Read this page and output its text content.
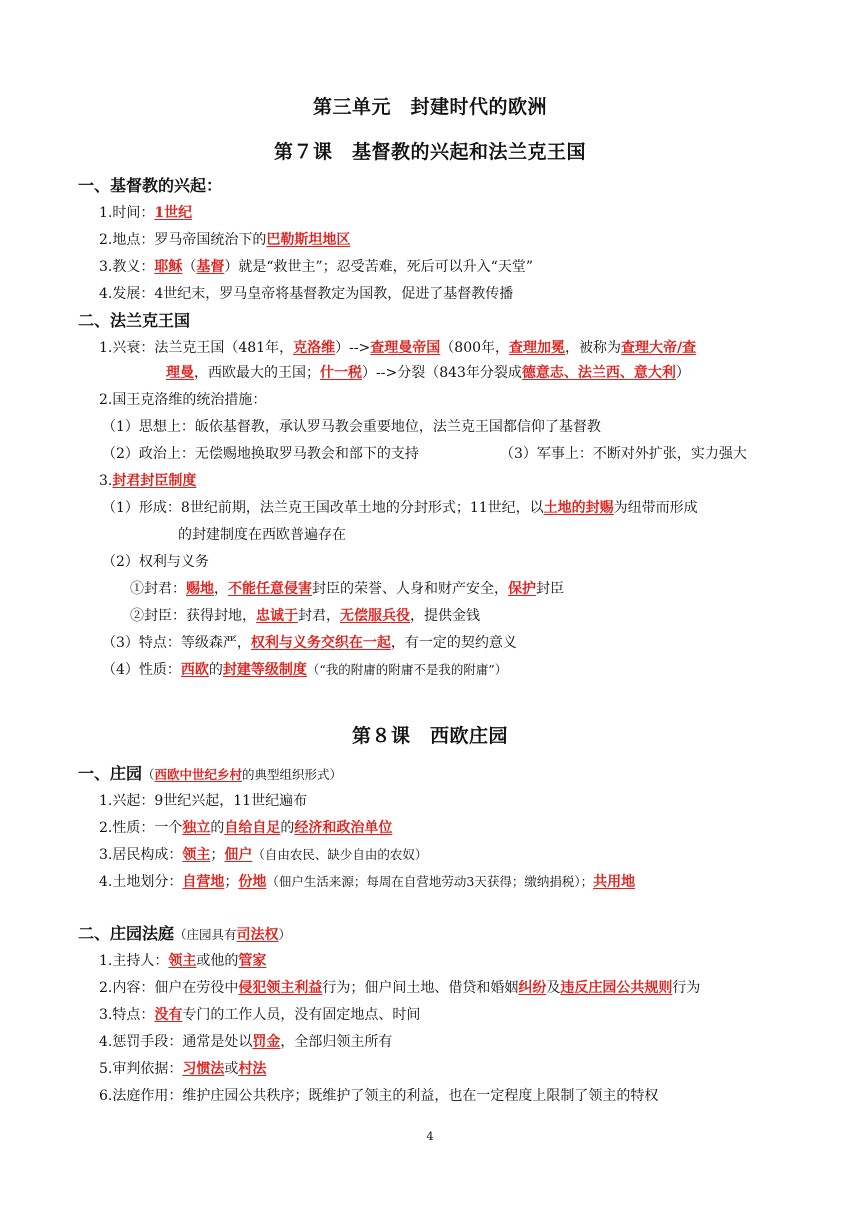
第三单元　封建时代的欧洲
第７课　基督教的兴起和法兰克王国
一、基督教的兴起：
1.时间：1世纪
2.地点：罗马帝国统治下的巴勒斯坦地区
3.教义：耶稣（基督）就是“救世主”；忍受苦难，死后可以升入“天堂”
4.发展：4世纪末，罗马皇帝将基督教定为国教，促进了基督教传播
二、法兰克王国
1.兴衰：法兰克王国（481年，克洛维）-->查理曼帝国（800年，查理加冕，被称为查理大帝/查
理曼，西欧最大的王国；什一税）-->分裂（843年分裂成德意志、法兰西、意大利）
2.国王克洛维的统治措施：
（1）思想上：皈依基督教，承认罗马教会重要地位，法兰克王国都信仰了基督教
（2）政治上：无偿赐地换取罗马教会和部下的支持	（3）军事上：不断对外扩张，实力强大
3.封君封臣制度
（1）形成：8世纪前期，法兰克王国改革土地的分封形式；11世纪，以土地的封赐为纽带而形成
的封建制度在西欧普遍存在
（2）权利与义务
①封君：赐地，不能任意侵害封臣的荣誉、人身和财产安全，保护封臣
②封臣：获得封地，忠诚于封君，无偿服兵役，提供金钱
（3）特点：等级森严，权利与义务交织在一起，有一定的契约意义
（4）性质：西欧的封建等级制度（“我的附庸的附庸不是我的附庸”）
第８课　西欧庄园
一、庄园（西欧中世纪乡村的典型组织形式）
1.兴起：9世纪兴起，11世纪遍布
2.性质：一个独立的自给自足的经济和政治单位
3.居民构成：领主；佃户（自由农民、缺少自由的农奴）
4.土地划分：自营地；份地（佃户生活来源；每周在自营地劳动3天获得；缴纳捐税）；共用地
二、庄园法庭（庄园具有司法权）
1.主持人：领主或他的管家
2.内容：佃户在劳役中侵犯领主利益行为；佃户间土地、借贷和婚姻纠纷及违反庄园公共规则行为
3.特点：没有专门的工作人员，没有固定地点、时间
4.惩罚手段：通常是处以罚金，全部归领主所有
5.审判依据：习惯法或村法
6.法庭作用：维护庄园公共秩序；既维护了领主的利益，也在一定程度上限制了领主的特权
4
